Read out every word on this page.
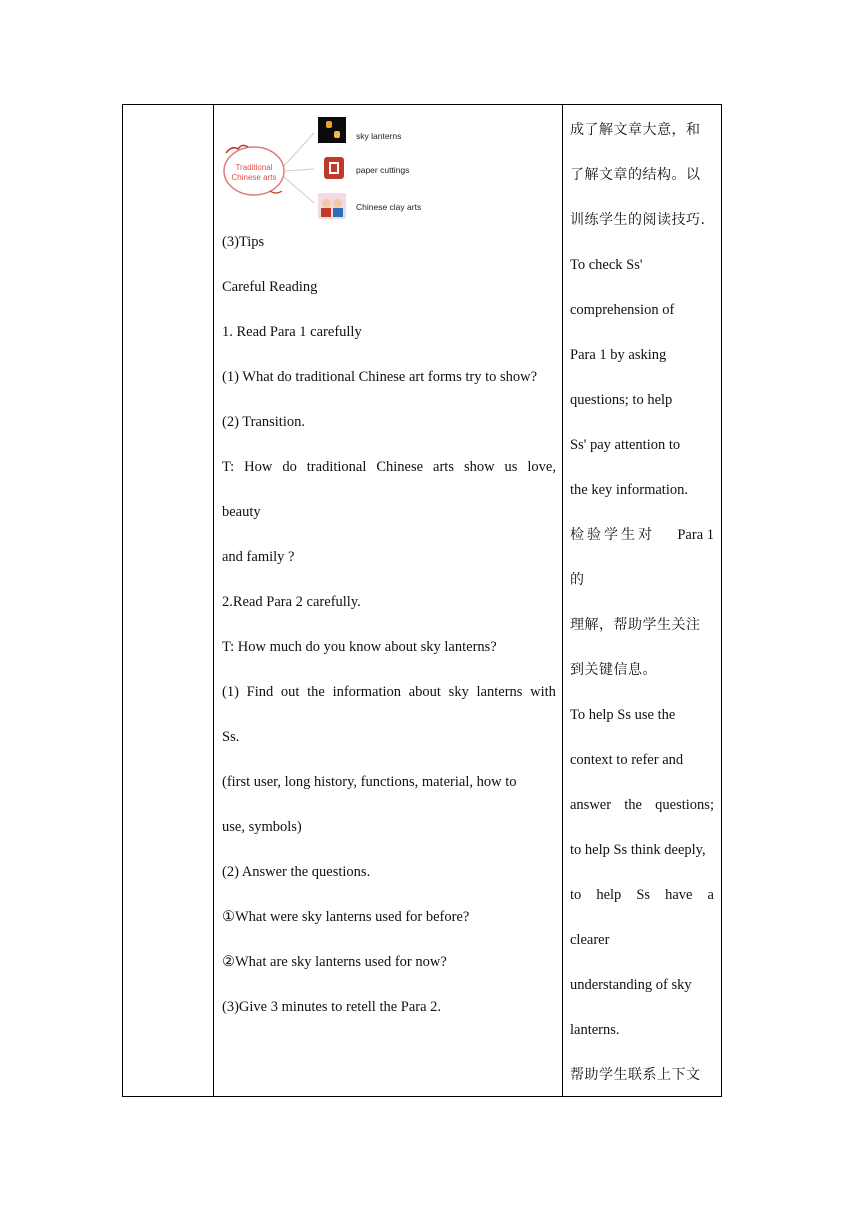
Traditional
Chinese arts
sky lanterns
paper cuttings
Chinese clay arts
(3)Tips
Careful Reading
1. Read Para 1 carefully
(1) What do traditional Chinese art forms try to show?
(2) Transition.
T: How do traditional Chinese arts show us love,
beauty
and family ?
2.Read Para 2 carefully.
T: How much do you know about sky lanterns?
(1) Find out the information about sky lanterns with
Ss.
(first user, long history, functions, material, how to
use, symbols)
(2) Answer the questions.
①What were sky lanterns used for before?
②What are sky lanterns used for now?
(3)Give 3 minutes to retell the Para 2.
成了解文章大意，和
了解文章的结构。以
训练学生的阅读技巧.
To check Ss'
comprehension of
Para 1 by asking
questions; to help
Ss' pay attention to
the key information.
检验学生对 Para 1
的
理解，帮助学生关注
到关键信息。
To help Ss use the
context to refer and
answer the questions;
to help Ss think deeply,
to help Ss have a
clearer
understanding of sky
lanterns.
帮助学生联系上下文
